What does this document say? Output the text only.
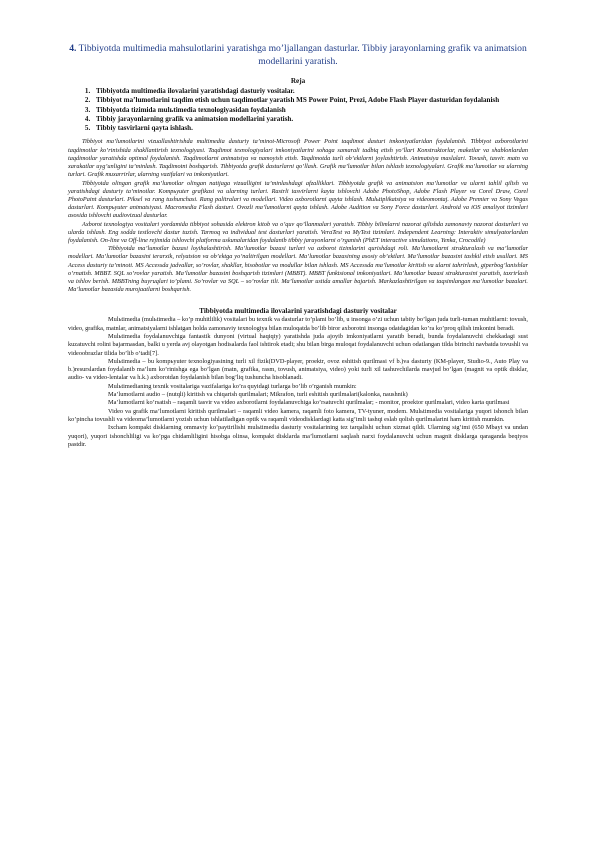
4. Tibbiyotda multimedia mahsulotlarini yaratishga mo’ljallangan dasturlar. Tibbiy jarayonlarning grafik va animatsion modellarini yaratish.
Reja
1. Tibbiyotda multimedia ilovalarini yaratishdagi dasturiy vositalar.
2. Tibbiyot ma’lumotlarini taqdim etish uchun taqdimotlar yaratish MS Power Point, Prezi, Adobe Flash Player dasturidan foydalanish
3. Tibbiyotda tizimida mulьtimedia texnologiyasidan foydalanish
4. Tibbiy jarayonlarning grafik va animatsion modellarini yaratish.
5. Tibbiy tasvirlarni qayta ishlash.

Tibbiyot ma’lumotlarini vizuallashtirishda multimedia dasturiy ta’minot-Microsoft Power Point taqdimot dasturi imkoniyatlaridan foydalanish. Tibbiyot axborotlarini taqdimotlar ko’rinishida shakllantirish texnologiyasi. Taqdimot texnologiyalari imkoniyatlarini sohaga samarali tadbiq etish yo’llari Konstruktorlar, maketlar va shablonlardan taqdimotlar yaratishda optimal foydalanish. Taqdimotlarni animatsiya va namoyish etish. Taqdimotda turli ob’ektlarni joylashtirish. Animatsiya maslalari. Tovush, tasvir. matn va xarakatlar uyg’unligini ta’minlash. Taqdimotni boshqarish. Tibbiyotda grafik dasturlarni qo’llash. Grafik ma’lumotlar bilan ishlash texnologiyalari. Grafik ma’lumotlar va ularning turlari. Grafik muxarrirlar, ularning vazifalari va imkoniyatlari.

Tibbiyotda olingan grafik ma’lumotlar olingan natijaga vizualligini ta’minlashdagi afzalliklari. Tibbiyotda grafik va animatsion ma’lumotlar va ularni tahlil qilish va yaratishdagi dasturiy ta’minotlar. Kompьyuter grafikasi va ularning turlari. Rastrli tasvirlarni kayta ishlovchi Adobe PhotoShop, Adobe Flash Player va Corel Draw, Corel PhotoPaint dasturlari. Piksel va rang tushunchasi. Rang palitralari va modellari. Video axborotlarni qayta ishlash. Mulьtiplikatsiya va videomontaj. Adobe Premier va Sony Vegas dasturlari. Kompьyuter animatsiyasi. Macromedia Flash dasturi. Ovozli ma’lumotlarni qayta ishlash. Adobe Audition va Sony Force dasturlari. Android va iOS amaliyot tizimlari asosida ishlovchi audiovizual dasturlar.

Axborot texnologiya vositalari yordamida tibbiyot sohasida elektron kitob va o’quv qo’llanmalari yaratish. Tibbiy bilimlarni nazorat qilishda zamonaviy nazorat dasturlari va ularda ishlash. Eng sodda testlovchi dastur tuzish. Tarmoq va individual test dasturlari yaratish. VeraTest va MyTest tizimlari. Independent Learning: Interaktiv simulyatorlardan foydalanish. On-line va Off-line rejimida ishlovchi platforma uskunalaridan foydalanib tibbiy jarayonlarni o’rganish (PhET interactive simulations, Yenka, Crocodile)

Tibbiyotda ma’lumotlar bazasi loyihalashtirish. Ma’lumotlar bazasi turlari va axborot tizimlarini qurishdagi roli. Ma’lumotlarni strukturalash va ma’lumotlar modellari. Ma’lumotlar bazasini ierarxik, relyatsion va ob’ektga yo’naltirilgan modellari. Ma’lumotlar bazasining asosiy ob’ektlari. Ma’lumotlar bazasini tashkil etish usullari. MS Access dasturiy ta’minoti. MS Accessda jadvallar, so’rovlar, shakllar, hisobotlar va modullar bilan ishlash. MS Accessda ma’lumotlar kiritish va ularni tahrirlash, giperbog’lanishlar o’rnatish. MBBT. SQL so’rovlar yaratish. Ma’lumotlar bazasini boshqarish tizimlari (MBBT). MBBT funktsional imkoniyatlari. Ma’lumotlar bazasi strukturasini yaratish, taxrirlash va ishlov berish. MBBTning buyruqlari to’plami. So’rovlar va SQL – so’rovlar tili. Ma’lumotlar ustida amallar bajarish. Markazlashtirilgan va taqsimlangan ma’lumotlar bazalari. Ma’lumotlar bazasida murojaatlarni boshqarish.

Tibbiyotda multimedia ilovalarini yaratishdagi dasturiy vositalar

Mulьtimedia (mulьtimedia – ko’p muhitlilik) vositalari bu texnik va dasturlar to’plami bo’lib, u insonga o’zi uchun tabiiy bo’lgan juda turli-tuman muhitlarni: tovush, video, grafika, matnlar, animatsiyalarni ishlatgan holda zamonaviy texnologiya bilan muloqatda bo’lib biror axborotni insonga odatdagidan ko’ra ko’proq qilish imkonini beradi.

Mulьtimedia foydalanuvchiga fantastik dunyoni (virtual haqiqiy) yaratishda juda ajoyib imkoniyatlarni yaratib beradi, bunda foydalanuvchi chekkadagi sust kuzatuvchi rolini bajarmasdan, balki u yerda avj olayotgan hodisalarda faol ishtirok etadi; shu bilan birga muloqat foydalanuvchi uchun odatlangan tilda birinchi navbatda tovushli va videoobrazlar tilida bo’lib o’tadi[7].

Mulьtimedia – bu kompьyuter texnologiyasining turli xil fizik(DVD-player, proektr, ovoz eshitish qurilmasi vf b.)va dasturiy (KM-player, Studio-9., Auto Play va b.)resurslardan foydalanib ma’lum ko’rinishga ega bo’lgan (matn, grafika, rasm, tovush, animatsiya, video) yoki turli xil tashuvchilarda mavjud bo’lgan (magnit va optik disklar, audio- va video-lentalar va h.k.) axborotdan foydalanish bilan bog’liq tushuncha hisoblanadi.

Mulьtimedianing texnik vositalariga vazifalariga ko’ra quyidagi turlarga bo’lib o’rganish mumkin:

Ma’lumotlarni audio – (nutqli) kiritish va chiqarish qurilmalari; Mikrafon, turli eshitish qurilmalari(kalonka, naushnik)

Ma’lumotlarni ko’rsatish – raqamli tasvir va video axborotlarni foydalanuvchiga ko’rsatuvchi qurilmalar; - monitor, proektor qurilmalari, video karta qurilmasi

Video va grafik ma’lumotlarni kiritish qurilmalari – raqamli video kamera, raqamli foto kamera, TV-tyuner, modem. Mulьtimedia vositalariga yuqori ishonch bilan ko’pincha tovushli va videoma’lumotlarni yozish uchun ishlatiladigan optik va raqamli videodisklardagi katta sig’imli tashqi eslab qolish qurilmalarini ham kiritish mumkin.

Ixcham kompakt disklarning ommaviy ko’paytirilishi mulьtimedia dasturiy vositalarining tez tarqalishi uchun xizmat qildi. Ularning sig’imi (650 Mbayt va undan yuqori), yuqori ishonchliligi va ko’pga chidamliligini hisobga olinsa, kompakt disklarda ma’lumotlarni saqlash narxi foydalanuvchi uchun magnit disklarga qaraganda beqiyos pastdir.
